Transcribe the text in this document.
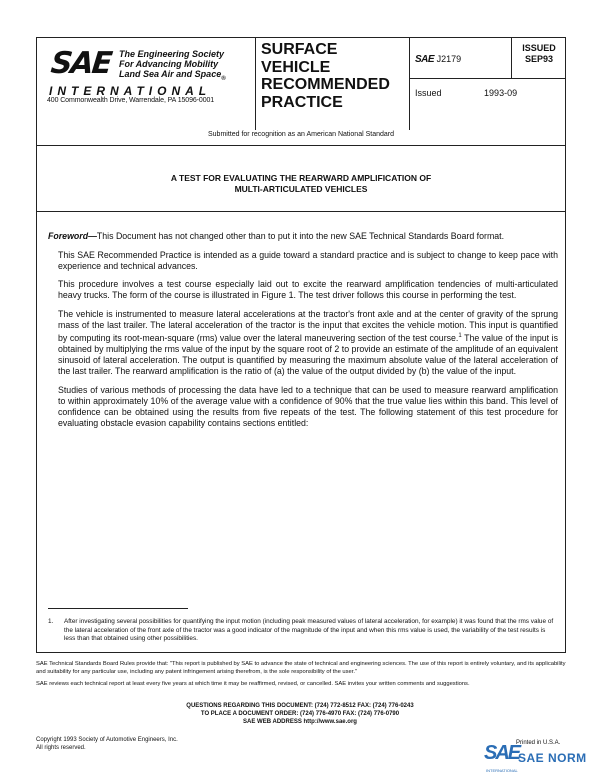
SAE The Engineering Society
For Advancing Mobility
Land Sea Air and Space$_®$
INTERNATIONAL
400 Commonwealth Drive, Warrendale, PA 15096-0001
SURFACE
VEHICLE
RECOMMENDED
PRACTICE
SAE J2179
ISSUED
SEP93
Issued	1993-09
Submitted for recognition as an American National Standard
A TEST FOR EVALUATING THE REARWARD AMPLIFICATION OF
MULTI-ARTICULATED VEHICLES

Foreword—This Document has not changed other than to put it into the new SAE Technical Standards Board format.

This SAE Recommended Practice is intended as a guide toward a standard practice and is subject to change to keep pace with experience and technical advances.

This procedure involves a test course especially laid out to excite the rearward amplification tendencies of multi-articulated heavy trucks. The form of the course is illustrated in Figure 1. The test driver follows this course in performing the test.

The vehicle is instrumented to measure lateral accelerations at the tractor's front axle and at the center of gravity of the sprung mass of the last trailer. The lateral acceleration of the tractor is the input that excites the vehicle motion. This input is quantified by computing its root-mean-square (rms) value over the lateral maneuvering section of the test course.$^1$ The value of the input is obtained by multiplying the rms value of the input by the square root of 2 to provide an estimate of the amplitude of an equivalent sinusoid of lateral acceleration. The output is quantified by measuring the maximum absolute value of the lateral acceleration of the last trailer. The rearward amplification is the ratio of (a) the value of the output divided by (b) the value of the input.

Studies of various methods of processing the data have led to a technique that can be used to measure rearward amplification to within approximately 10% of the average value with a confidence of 90% that the true value lies within this band. This level of confidence can be obtained using the results from five repeats of the test. The following statement of this test procedure for evaluating obstacle evasion capability contains sections entitled:

1.	After investigating several possibilities for quantifying the input motion (including peak measured values of lateral acceleration, for example) it was found that the rms value of the lateral acceleration of the front axle of the tractor was a good indicator of the magnitude of the input and when this rms value is used, the variability of the test results is less than that obtained using other possibilities.

SAE Technical Standards Board Rules provide that: "This report is published by SAE to advance the state of technical and engineering sciences. The use of this report is entirely voluntary, and its applicability and suitability for any particular use, including any patent infringement arising therefrom, is the sole responsibility of the user."

SAE reviews each technical report at least every five years at which time it may be reaffirmed, revised, or cancelled. SAE invites your written comments and suggestions.

QUESTIONS REGARDING THIS DOCUMENT: (724) 772-8512 FAX: (724) 776-0243
TO PLACE A DOCUMENT ORDER: (724) 776-4970 FAX: (724) 776-0790
SAE WEB ADDRESS http://www.sae.org
Copyright 1993 Society of Automotive Engineers, Inc.
All rights reserved.
Printed in U.S.A.
SAE
SAE NORM
INTERNATIONAL
